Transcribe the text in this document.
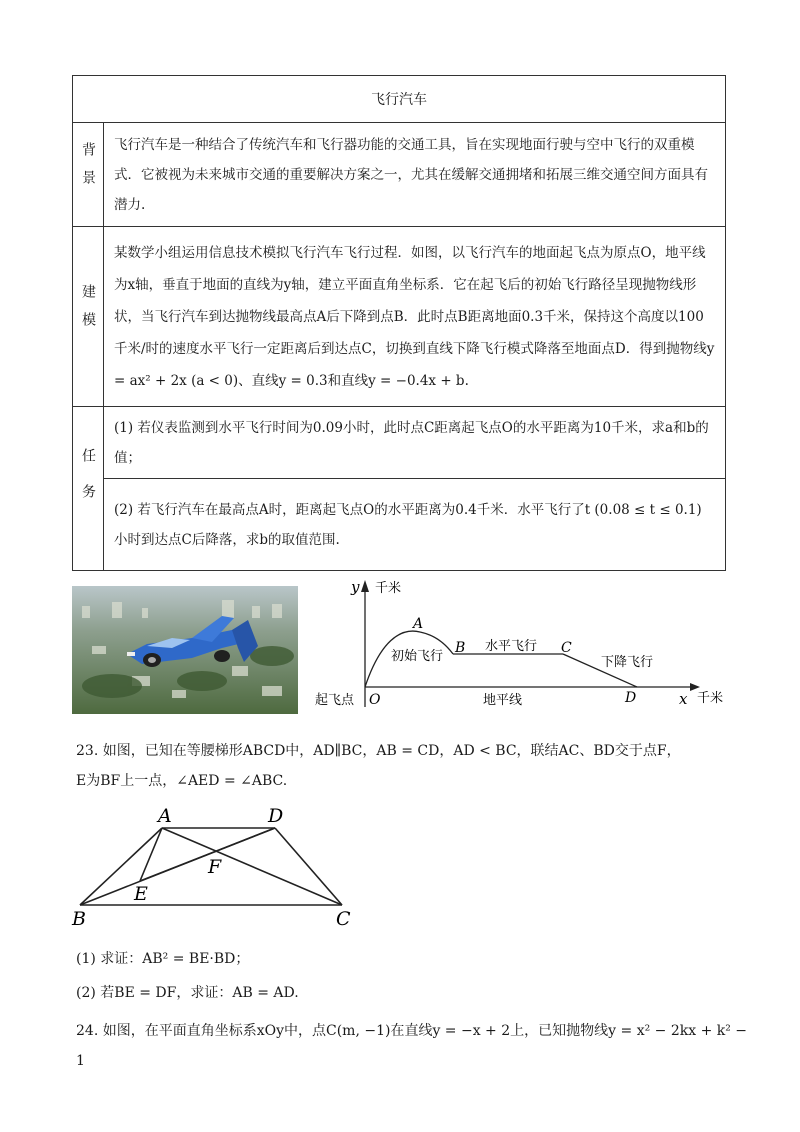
飞行汽车	
背景	飞行汽车是一种结合了传统汽车和飞行器功能的交通工具，旨在实现地面行驶与空中飞行的双重模式．它被视为未来城市交通的重要解决方案之一，尤其在缓解交通拥堵和拓展三维交通空间方面具有潜力.
建模	某数学小组运用信息技术模拟飞行汽车飞行过程．如图，以飞行汽车的地面起飞点为原点O，地平线为x轴，垂直于地面的直线为y轴，建立平面直角坐标系．它在起飞后的初始飞行路径呈现抛物线形状，当飞行汽车到达抛物线最高点A后下降到点B．此时点B距离地面0.3千米，保持这个高度以100千米/时的速度水平飞行一定距离后到达点C，切换到直线下降飞行模式降落至地面点D．得到抛物线y = ax² + 2x (a < 0)、直线y = 0.3和直线y = −0.4x + b.
任务	(1) 若仪表监测到水平飞行时间为0.09小时，此时点C距离起飞点O的水平距离为10千米，求a和b的值；
	(2) 若飞行汽车在最高点A时，距离起飞点O的水平距离为0.4千米．水平飞行了t (0.08 ≤ t ≤ 0.1)小时到达点C后降落，求b的取值范围.
y 千米
x 千米
O
起飞点	地平线
A
B	C
D
初始飞行
水平飞行
下降飞行
23. 如图，已知在等腰梯形ABCD中，AD∥BC，AB = CD，AD < BC，联结AC、BD交于点F，
E为BF上一点，∠AED = ∠ABC.
A	D
B	C
E
F
(1) 求证：AB² = BE·BD；
(2) 若BE = DF，求证：AB = AD.
24. 如图，在平面直角坐标系xOy中，点C(m, −1)在直线y = −x + 2上，已知抛物线y = x² − 2kx + k² − 1
